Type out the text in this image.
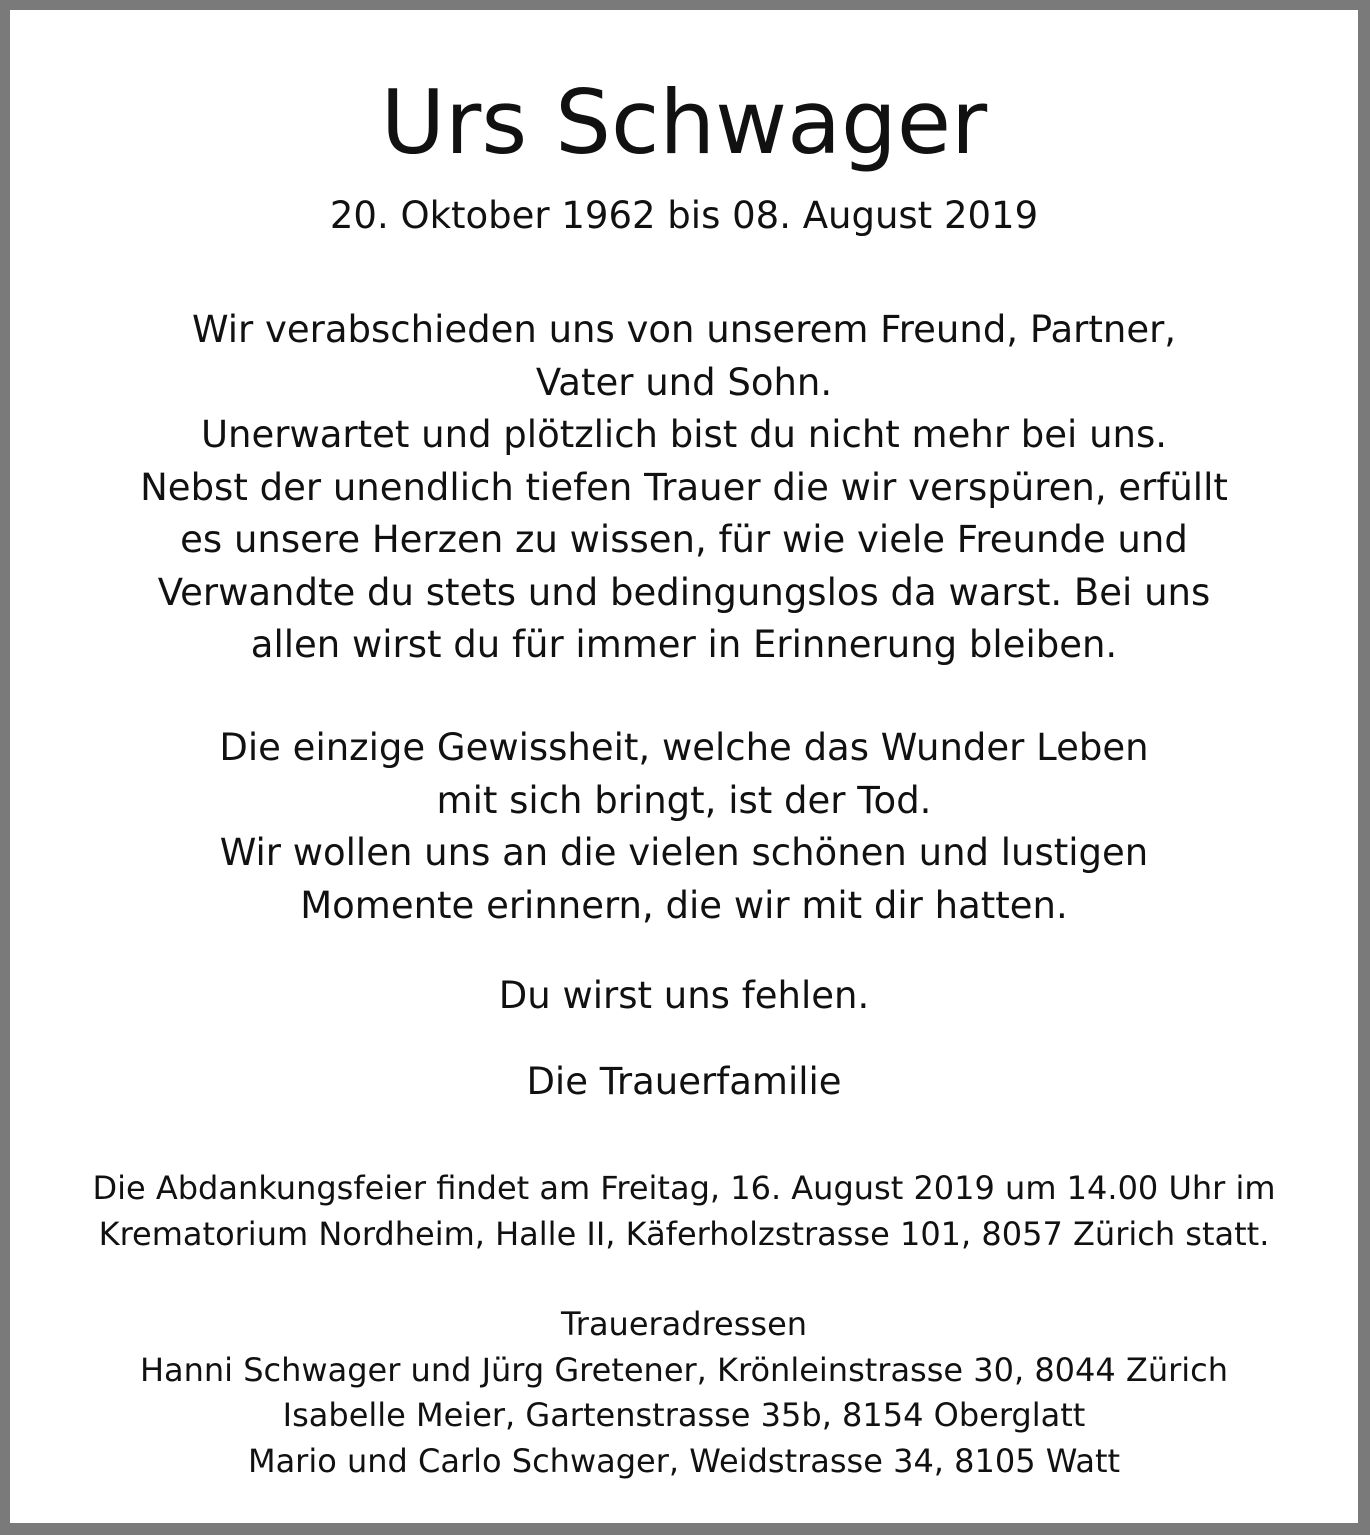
Urs Schwager
20. Oktober 1962 bis 08. August 2019
Wir verabschieden uns von unserem Freund, Partner,
Vater und Sohn.
Unerwartet und plötzlich bist du nicht mehr bei uns.
Nebst der unendlich tiefen Trauer die wir verspüren, erfüllt
es unsere Herzen zu wissen, für wie viele Freunde und
Verwandte du stets und bedingungslos da warst. Bei uns
allen wirst du für immer in Erinnerung bleiben.
Die einzige Gewissheit, welche das Wunder Leben
mit sich bringt, ist der Tod.
Wir wollen uns an die vielen schönen und lustigen
Momente erinnern, die wir mit dir hatten.
Du wirst uns fehlen.
Die Trauerfamilie
Die Abdankungsfeier findet am Freitag, 16. August 2019 um 14.00 Uhr im
Krematorium Nordheim, Halle II, Käferholzstrasse 101, 8057 Zürich statt.
Traueradressen
Hanni Schwager und Jürg Gretener, Krönleinstrasse 30, 8044 Zürich
Isabelle Meier, Gartenstrasse 35b, 8154 Oberglatt
Mario und Carlo Schwager, Weidstrasse 34, 8105 Watt
